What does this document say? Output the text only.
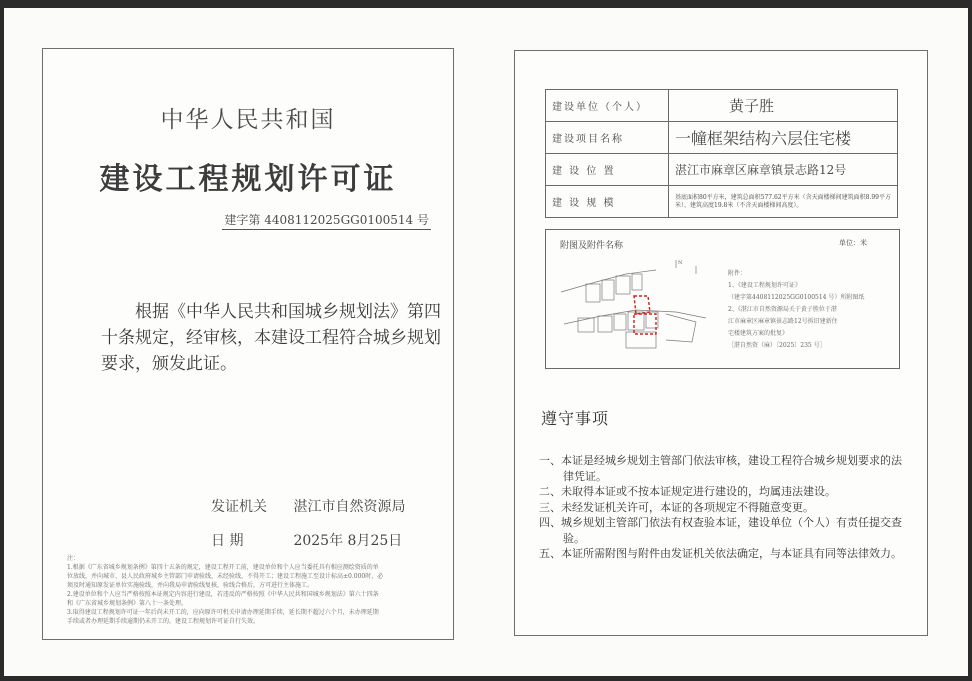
中华人民共和国
建设工程规划许可证
建字第 4408112025GG0100514 号
根据《中华人民共和国城乡规划法》第四十条规定，经审核，本建设工程符合城乡规划要求，颁发此证。
发证机关 湛江市自然资源局
日 期	2025年 8月25日
注：
1.根据《广东省城乡规划条例》第四十五条的规定，建设工程开工前，建设单位和个人应当委托具有相应测绘资质的单
位放线，并向城市、县人民政府城乡主管部门申请验线，未经验线，不得开工；建设工程施工至设计标高±0.000时，必
须及时通知原发证单位实施验线，并向我局申请验线复核，验线合格后，方可进行主体施工。
2.建设单位和个人应当严格按照本证规定内容进行建设，若违反的严格按照《中华人民共和国城乡规划法》第六十四条
和《广东省城乡规划条例》第八十一条处理。
3.取得建设工程规划许可证一年后尚未开工的，应向原许可机关申请办理延期手续，延长期不超过六个月，未办理延期
手续或者办理延期手续逾期仍未开工的，建设工程规划许可证自行失效。
建设单位（个人）	黄子胜
建设项目名称	一幢框架结构六层住宅楼
建 设 位 置	湛江市麻章区麻章镇景志路12号
建 设 规 模	基底面积80平方米，建筑总面积577.62平方米（含天面楼梯间建筑面积8.99平方米），建筑高度19.8米（不含天面楼梯间高度）。
附图及附件名称	单位：米
N
附件：
1、《建设工程规划许可证》
（建字第4408112025GG0100514 号）所附图纸
2、《湛江市自然资源局关于黄子胜位于湛
江市麻章区麻章镇景志路12号拆旧建新住
宅楼建筑方案的批复》
［湛自然资（麻）〔2025〕235 号］
遵守事项
一、本证是经城乡规划主管部门依法审核，建设工程符合城乡规划要求的法律凭证。
二、未取得本证或不按本证规定进行建设的，均属违法建设。
三、未经发证机关许可，本证的各项规定不得随意变更。
四、城乡规划主管部门依法有权查验本证，建设单位（个人）有责任提交查验。
五、本证所需附图与附件由发证机关依法确定，与本证具有同等法律效力。
